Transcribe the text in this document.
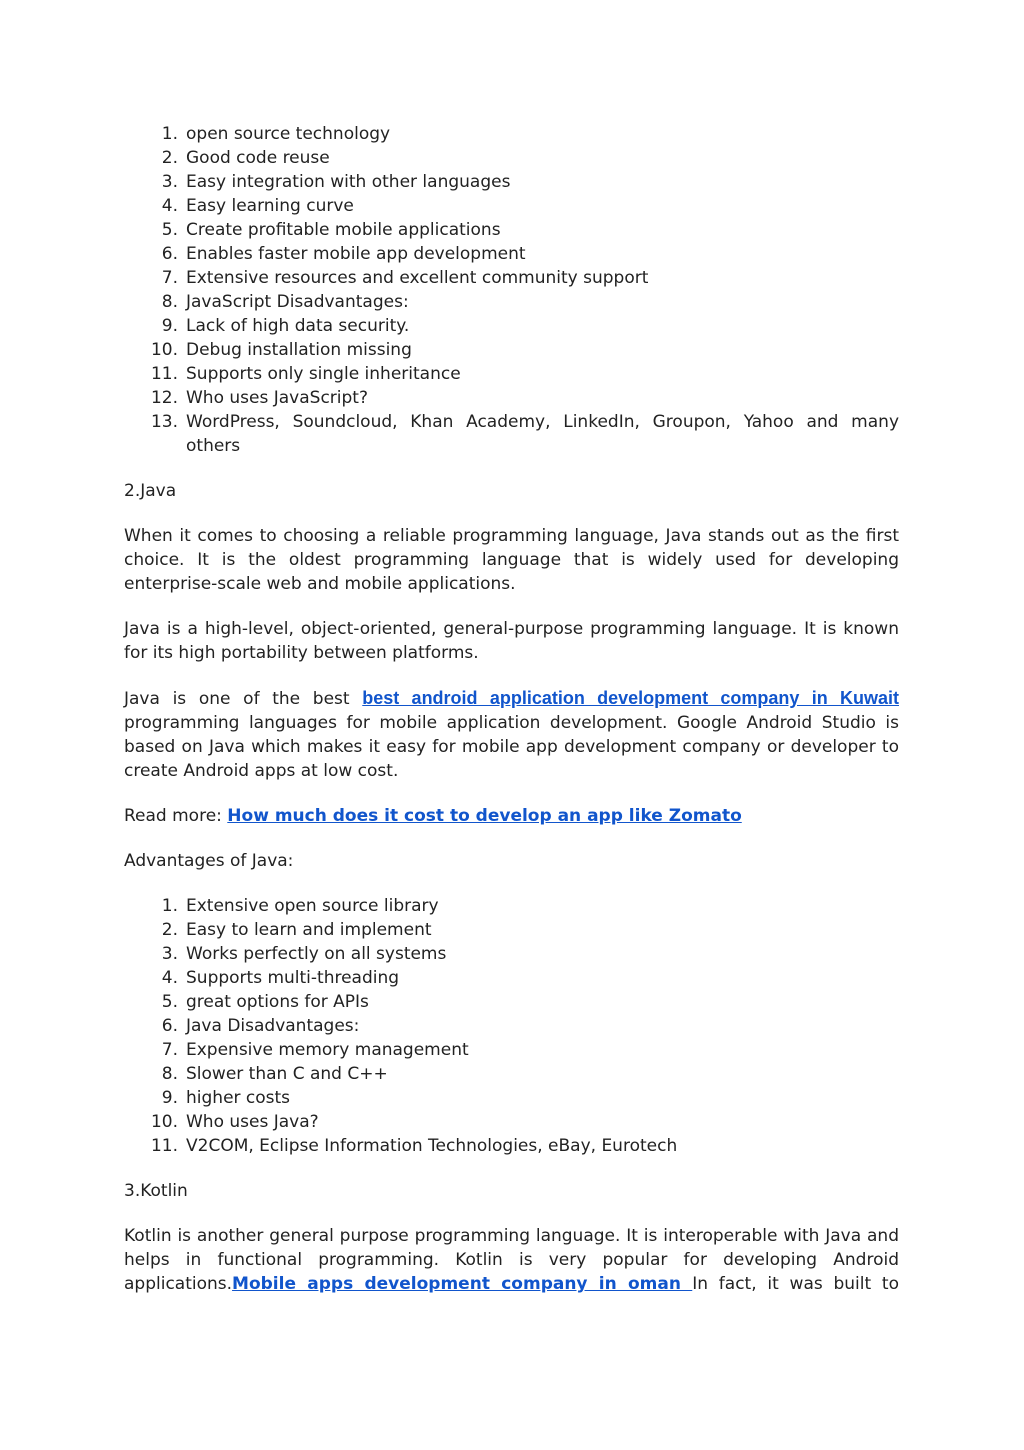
1. open source technology
2. Good code reuse
3. Easy integration with other languages
4. Easy learning curve
5. Create profitable mobile applications
6. Enables faster mobile app development
7. Extensive resources and excellent community support
8. JavaScript Disadvantages:
9. Lack of high data security.
10. Debug installation missing
11. Supports only single inheritance
12. Who uses JavaScript?
13. WordPress, Soundcloud, Khan Academy, LinkedIn, Groupon, Yahoo and many others

2.Java

When it comes to choosing a reliable programming language, Java stands out as the first choice. It is the oldest programming language that is widely used for developing enterprise-scale web and mobile applications.

Java is a high-level, object-oriented, general-purpose programming language. It is known for its high portability between platforms.

Java is one of the best best android application development company in Kuwait programming languages for mobile application development. Google Android Studio is based on Java which makes it easy for mobile app development company or developer to create Android apps at low cost.

Read more: How much does it cost to develop an app like Zomato

Advantages of Java:

1. Extensive open source library
2. Easy to learn and implement
3. Works perfectly on all systems
4. Supports multi-threading
5. great options for APIs
6. Java Disadvantages:
7. Expensive memory management
8. Slower than C and C++
9. higher costs
10. Who uses Java?
11. V2COM, Eclipse Information Technologies, eBay, Eurotech

3.Kotlin

Kotlin is another general purpose programming language. It is interoperable with Java and helps in functional programming. Kotlin is very popular for developing Android applications.Mobile apps development company in oman In fact, it was built to
